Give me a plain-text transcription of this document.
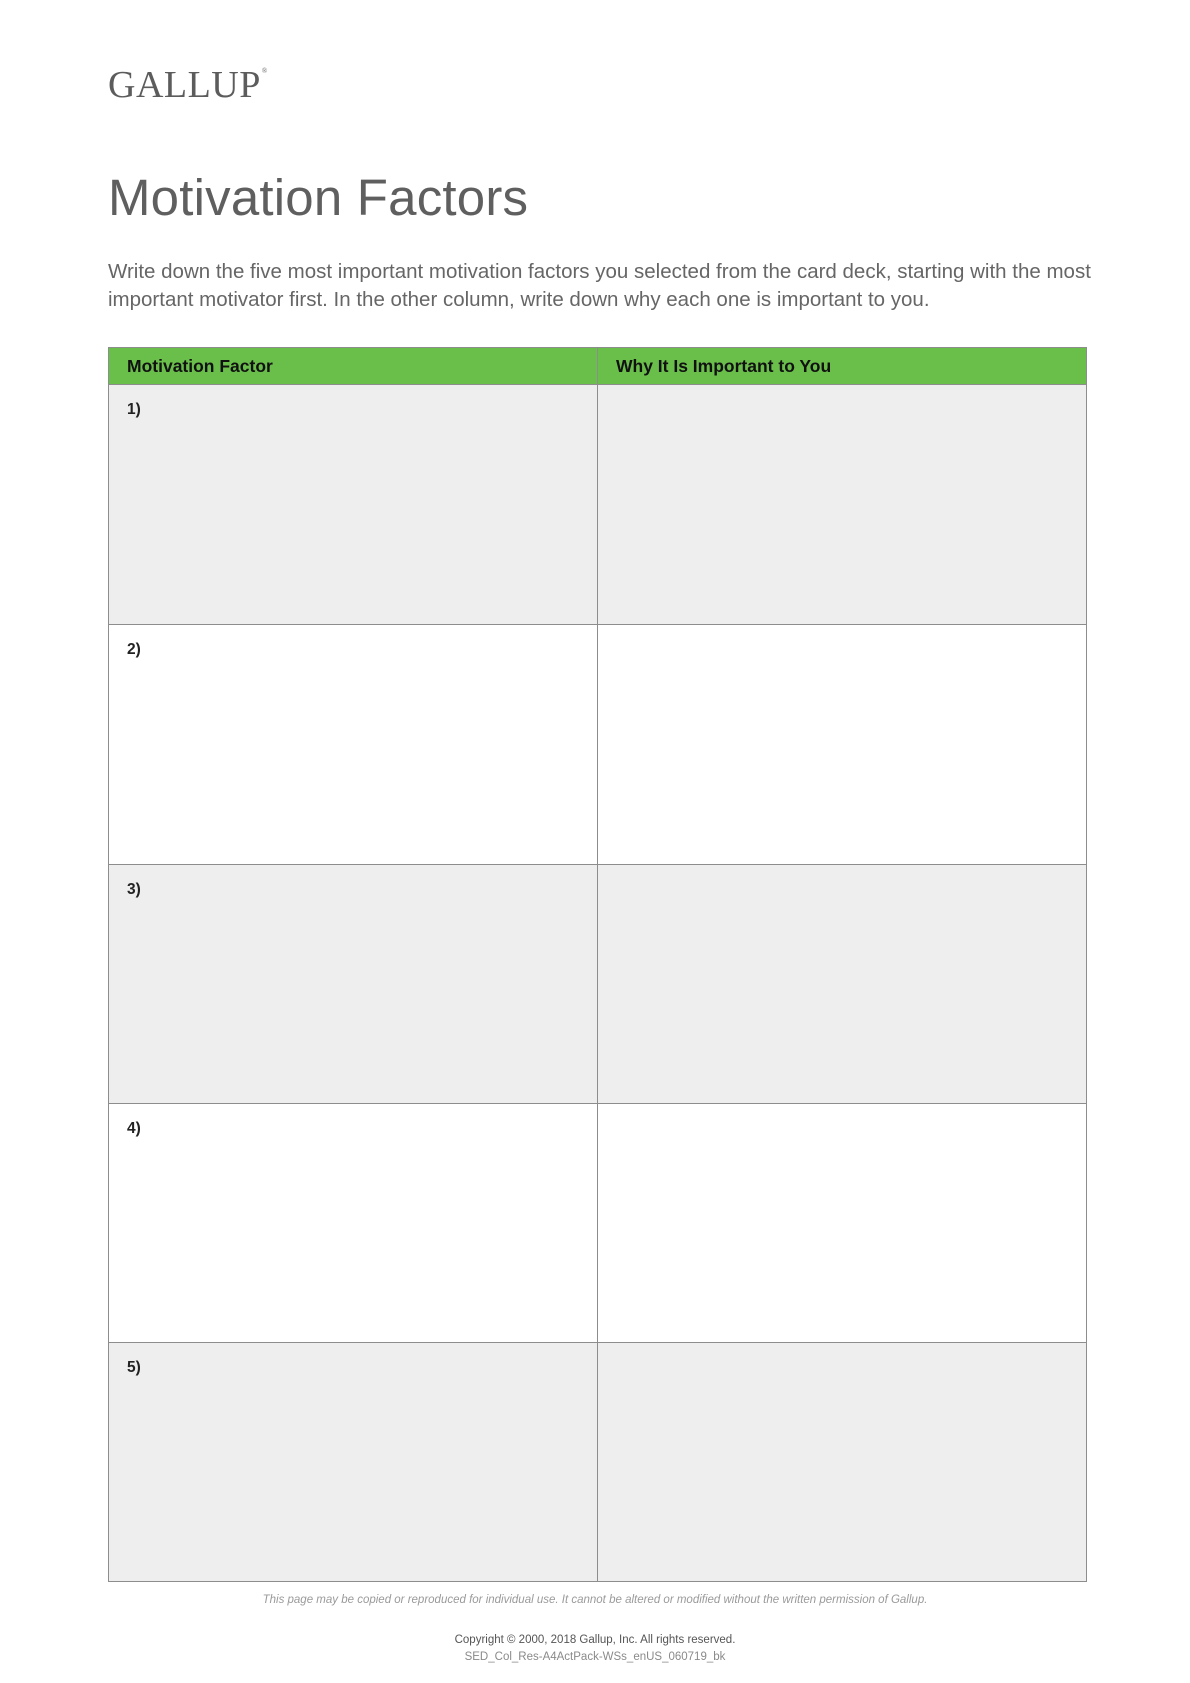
GALLUP®
Motivation Factors

Write down the five most important motivation factors you selected from the card deck, starting with the most important motivator first. In the other column, write down why each one is important to you.

Motivation Factor	Why It Is Important to You
1)
2)
3)
4)
5)
This page may be copied or reproduced for individual use. It cannot be altered or modified without the written permission of Gallup.
Copyright © 2000, 2018 Gallup, Inc. All rights reserved.
SED_Col_Res-A4ActPack-WSs_enUS_060719_bk
